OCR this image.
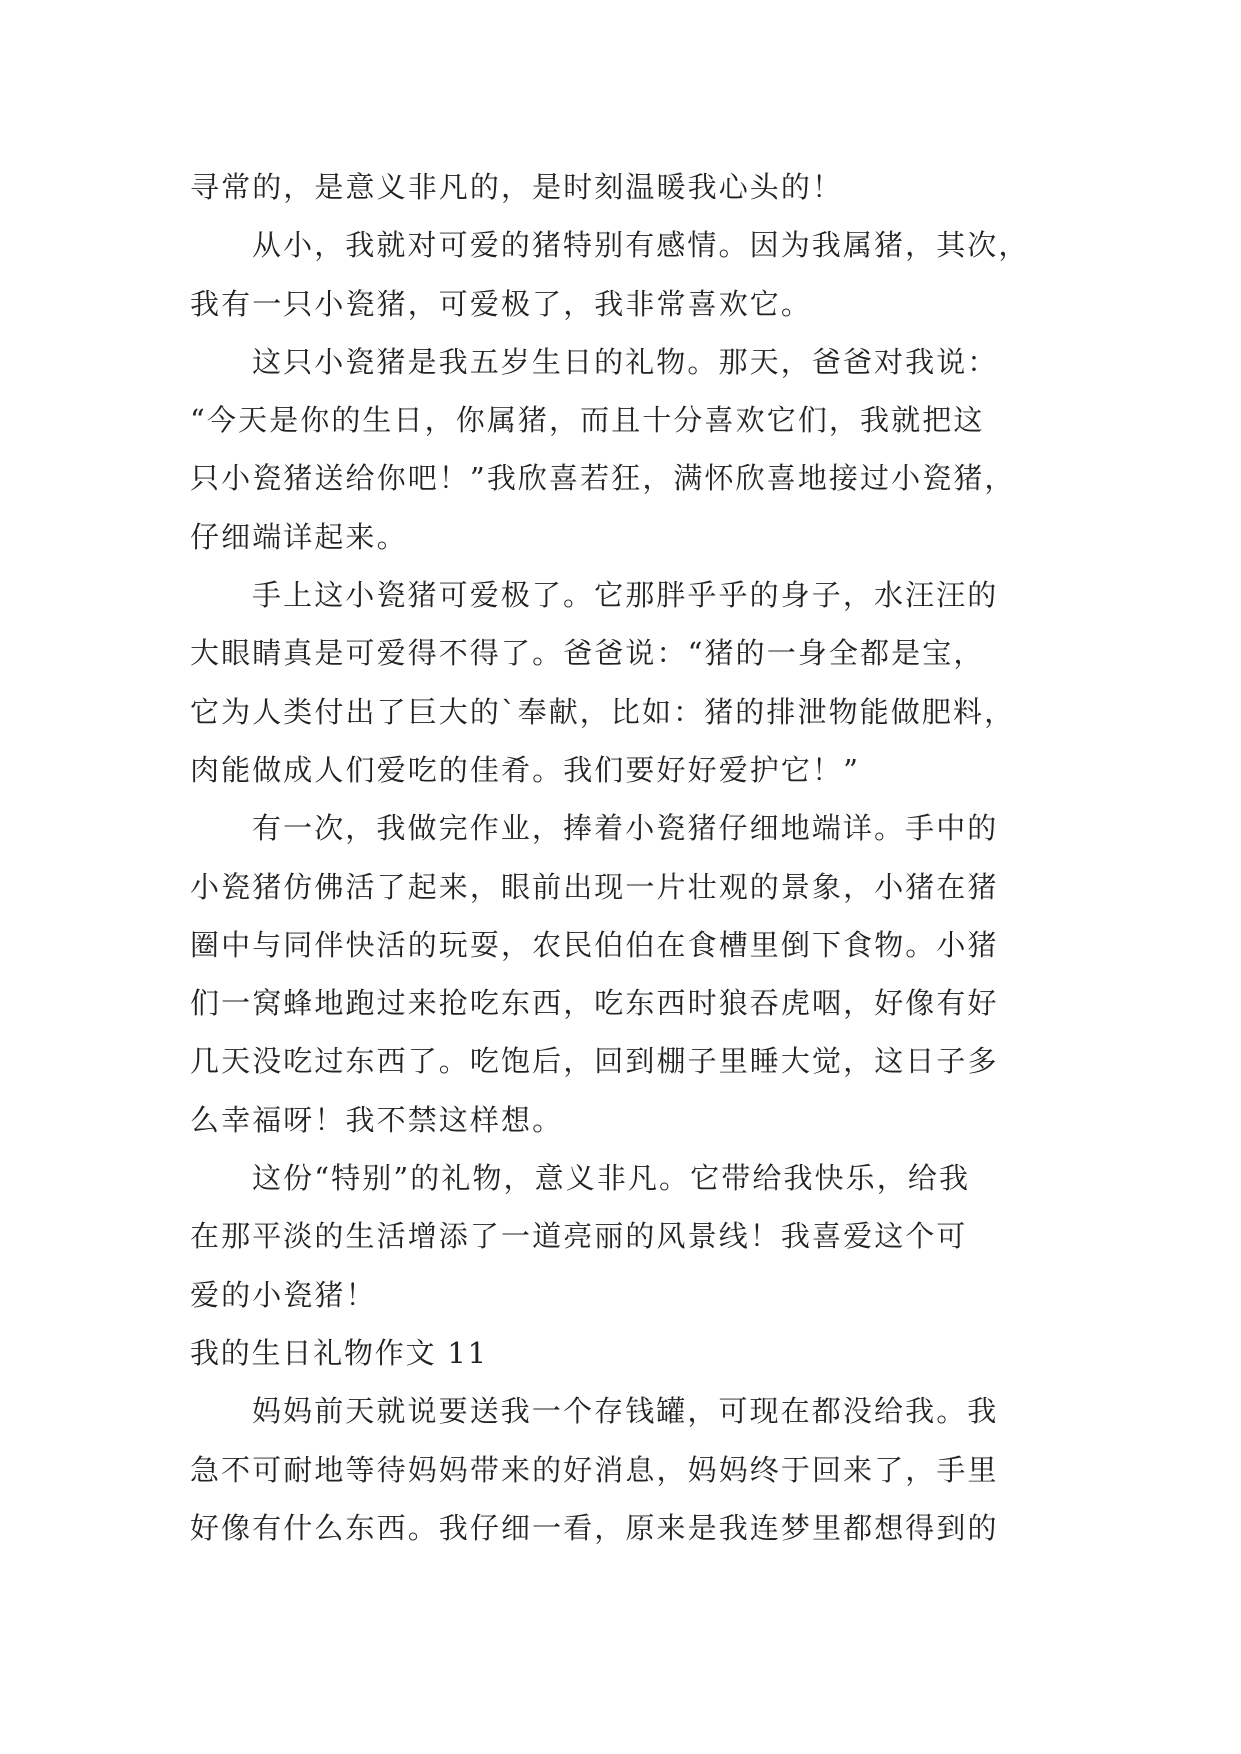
寻常的，是意义非凡的，是时刻温暖我心头的！
从小，我就对可爱的猪特别有感情。因为我属猪，其次，
我有一只小瓷猪，可爱极了，我非常喜欢它。
这只小瓷猪是我五岁生日的礼物。那天，爸爸对我说：
“今天是你的生日，你属猪，而且十分喜欢它们，我就把这
只小瓷猪送给你吧！”我欣喜若狂，满怀欣喜地接过小瓷猪，
仔细端详起来。
手上这小瓷猪可爱极了。它那胖乎乎的身子，水汪汪的
大眼睛真是可爱得不得了。爸爸说：“猪的一身全都是宝，
它为人类付出了巨大的`奉献，比如：猪的排泄物能做肥料，
肉能做成人们爱吃的佳肴。我们要好好爱护它！”
有一次，我做完作业，捧着小瓷猪仔细地端详。手中的
小瓷猪仿佛活了起来，眼前出现一片壮观的景象，小猪在猪
圈中与同伴快活的玩耍，农民伯伯在食槽里倒下食物。小猪
们一窝蜂地跑过来抢吃东西，吃东西时狼吞虎咽，好像有好
几天没吃过东西了。吃饱后，回到棚子里睡大觉，这日子多
么幸福呀！我不禁这样想。
这份“特别”的礼物，意义非凡。它带给我快乐，给我
在那平淡的生活增添了一道亮丽的风景线！我喜爱这个可
爱的小瓷猪！
我的生日礼物作文 11
妈妈前天就说要送我一个存钱罐，可现在都没给我。我
急不可耐地等待妈妈带来的好消息，妈妈终于回来了，手里
好像有什么东西。我仔细一看，原来是我连梦里都想得到的
